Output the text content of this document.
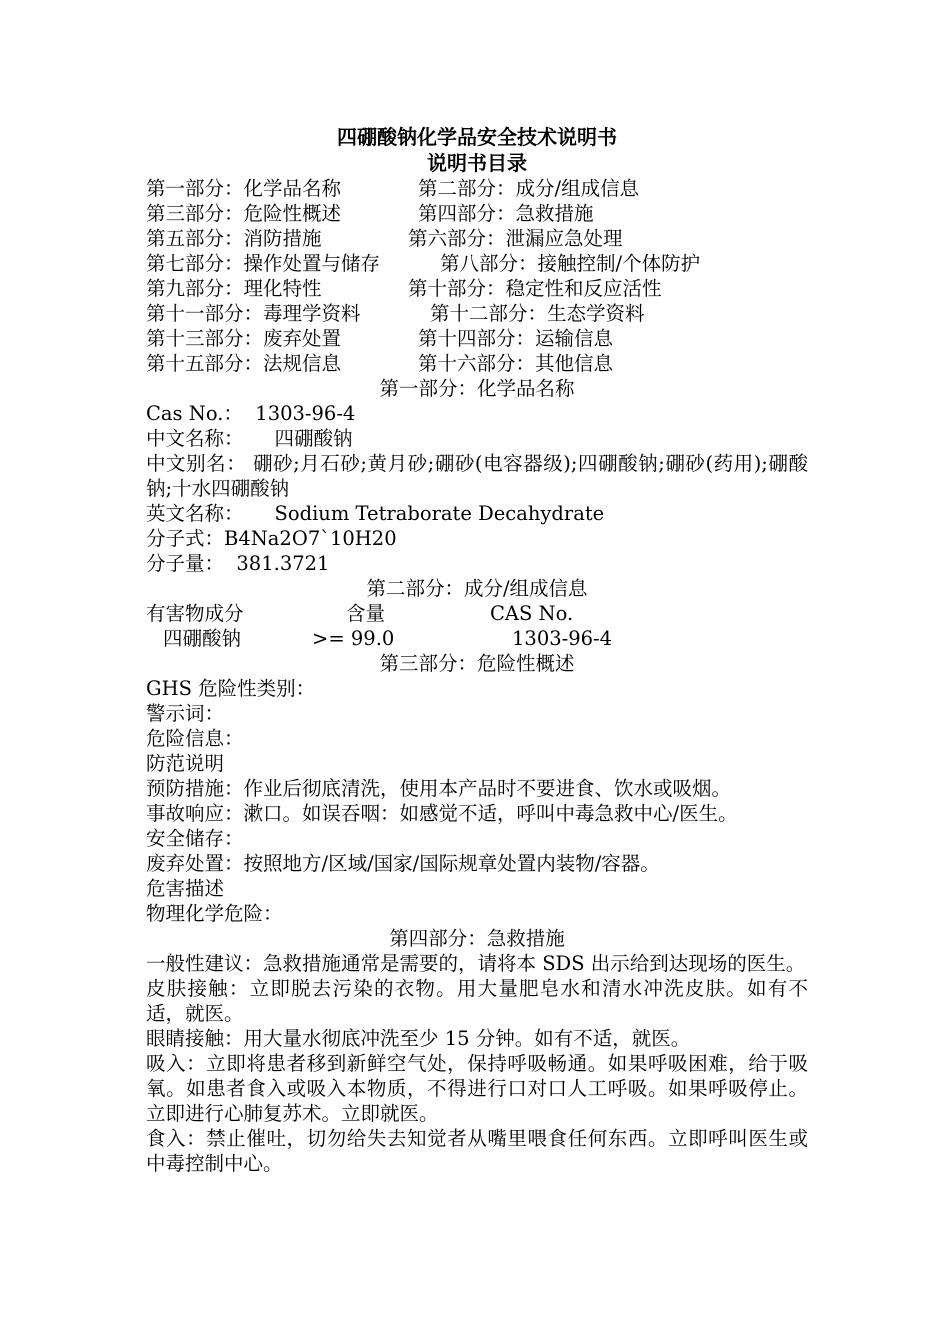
四硼酸钠化学品安全技术说明书
说明书目录
第一部分：化学品名称	第二部分：成分/组成信息
第三部分：危险性概述	第四部分：急救措施
第五部分：消防措施	第六部分：泄漏应急处理
第七部分：操作处置与储存	第八部分：接触控制/个体防护
第九部分：理化特性	第十部分：稳定性和反应活性
第十一部分：毒理学资料	第十二部分：生态学资料
第十三部分：废弃处置	第十四部分：运输信息
第十五部分：法规信息	第十六部分：其他信息
第一部分：化学品名称
Cas No.：  1303-96-4
中文名称：     四硼酸钠
中文别名： 硼砂;月石砂;黄月砂;硼砂(电容器级);四硼酸钠;硼砂(药用);硼酸钠;十水四硼酸钠
英文名称：     Sodium Tetraborate Decahydrate
分子式：B4Na2O7`10H20
分子量：  381.3721
第二部分：成分/组成信息
有害物成分	含量	CAS No.
四硼酸钠	>= 99.0	1303-96-4
第三部分：危险性概述
GHS 危险性类别：
警示词：
危险信息：
防范说明
预防措施：作业后彻底清洗，使用本产品时不要进食、饮水或吸烟。
事故响应：漱口。如误吞咽：如感觉不适，呼叫中毒急救中心/医生。
安全储存：
废弃处置：按照地方/区域/国家/国际规章处置内装物/容器。
危害描述
物理化学危险：
第四部分：急救措施
一般性建议：急救措施通常是需要的，请将本 SDS 出示给到达现场的医生。
皮肤接触：立即脱去污染的衣物。用大量肥皂水和清水冲洗皮肤。如有不适，就医。
眼睛接触：用大量水彻底冲洗至少 15 分钟。如有不适，就医。
吸入：立即将患者移到新鲜空气处，保持呼吸畅通。如果呼吸困难，给于吸氧。如患者食入或吸入本物质，不得进行口对口人工呼吸。如果呼吸停止。立即进行心肺复苏术。立即就医。
食入：禁止催吐，切勿给失去知觉者从嘴里喂食任何东西。立即呼叫医生或中毒控制中心。
